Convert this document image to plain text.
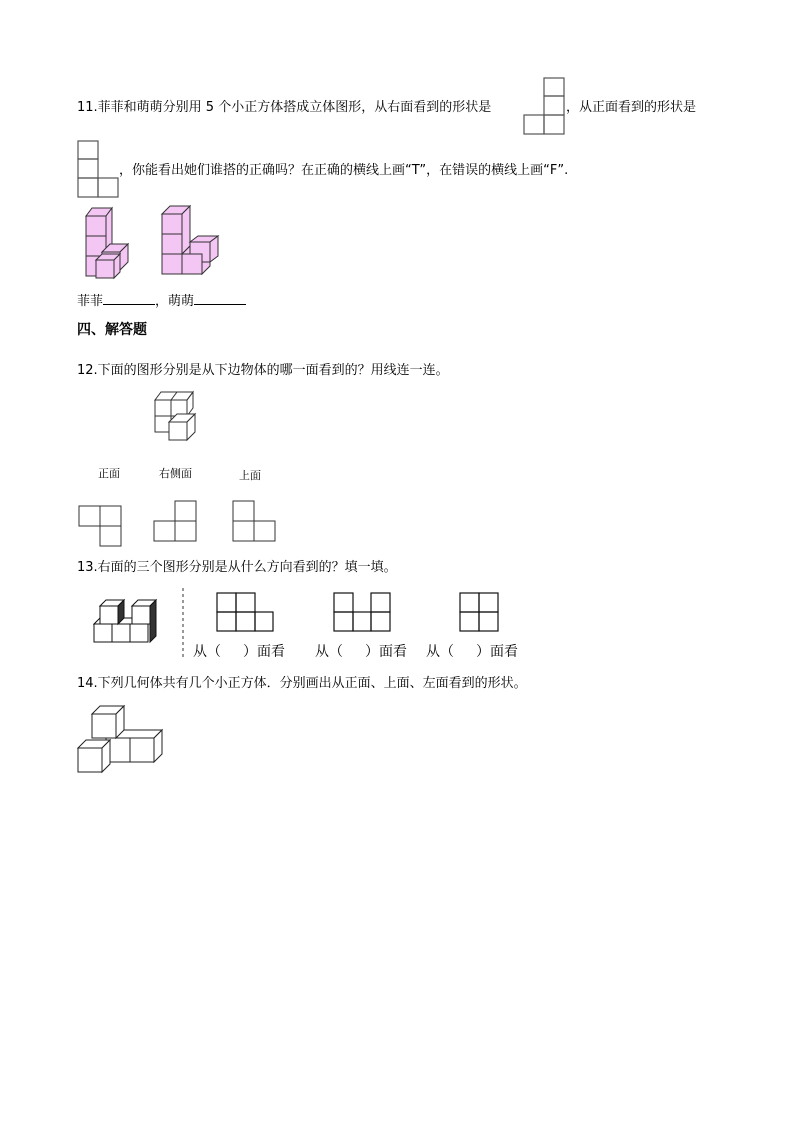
11.菲菲和萌萌分别用 5 个小正方体搭成立体图形，从右面看到的形状是	，从正面看到的形状是
，你能看出她们谁搭的正确吗？在正确的横线上画“T”，在错误的横线上画“F”.
菲菲	，萌萌
四、解答题
12.下面的图形分别是从下边物体的哪一面看到的？用线连一连。
正面	右侧面	上面
13.右面的三个图形分别是从什么方向看到的？填一填。
从（ ）面看 从（ ）面看 从（ ）面看
14.下列几何体共有几个小正方体．分别画出从正面、上面、左面看到的形状。
